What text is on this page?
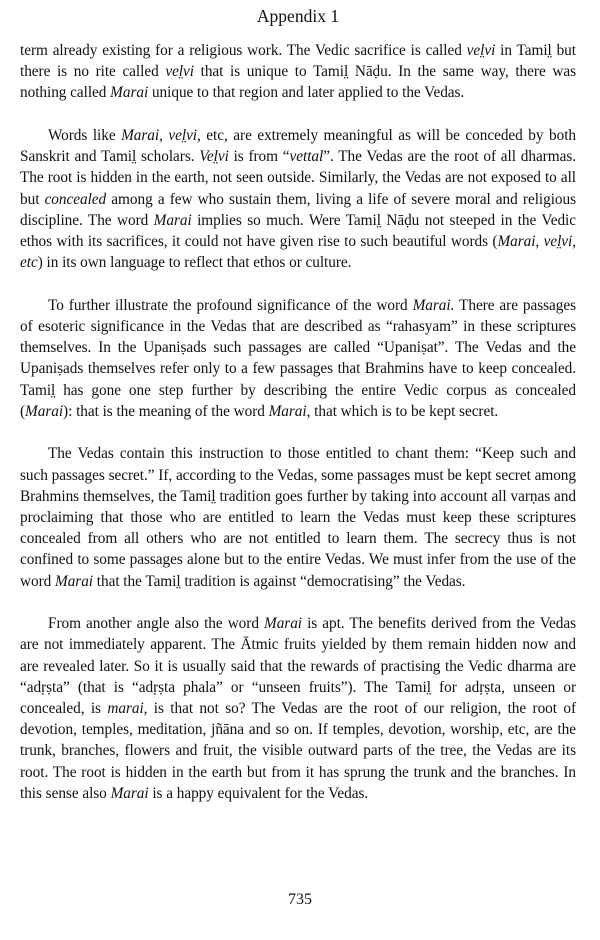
Appendix 1

term already existing for a religious work. The Vedic sacrifice is called vel̤vi in Tamil̤ but there is no rite called vel̤vi that is unique to Tamil̤ Nāḍu. In the same way, there was nothing called Marai unique to that region and later applied to the Vedas.

Words like Marai, vel̤vi, etc, are extremely meaningful as will be conceded by both Sanskrit and Tamil̤ scholars. Vel̤vi is from “vettal”. The Vedas are the root of all dharmas. The root is hidden in the earth, not seen outside. Similarly, the Vedas are not exposed to all but concealed among a few who sustain them, living a life of severe moral and religious discipline. The word Marai implies so much. Were Tamil̤ Nāḍu not steeped in the Vedic ethos with its sacrifices, it could not have given rise to such beautiful words (Marai, vel̤vi, etc) in its own language to reflect that ethos or culture.

To further illustrate the profound significance of the word Marai. There are passages of esoteric significance in the Vedas that are described as “rahasyam” in these scriptures themselves. In the Upaniṣads such passages are called “Upaniṣat”. The Vedas and the Upaniṣads themselves refer only to a few passages that Brahmins have to keep concealed. Tamil̤ has gone one step further by describing the entire Vedic corpus as concealed (Marai): that is the meaning of the word Marai, that which is to be kept secret.

The Vedas contain this instruction to those entitled to chant them: “Keep such and such passages secret.” If, according to the Vedas, some passages must be kept secret among Brahmins themselves, the Tamil̤ tradition goes further by taking into account all varṇas and proclaiming that those who are entitled to learn the Vedas must keep these scriptures concealed from all others who are not entitled to learn them. The secrecy thus is not confined to some passages alone but to the entire Vedas. We must infer from the use of the word Marai that the Tamil̤ tradition is against “democratising” the Vedas.

From another angle also the word Marai is apt. The benefits derived from the Vedas are not immediately apparent. The Ātmic fruits yielded by them remain hidden now and are revealed later. So it is usually said that the rewards of practising the Vedic dharma are “adṛṣta” (that is “adṛṣta phala” or “unseen fruits”). The Tamil̤ for adṛṣta, unseen or concealed, is marai, is that not so? The Vedas are the root of our religion, the root of devotion, temples, meditation, jñāna and so on. If temples, devotion, worship, etc, are the trunk, branches, flowers and fruit, the visible outward parts of the tree, the Vedas are its root. The root is hidden in the earth but from it has sprung the trunk and the branches. In this sense also Marai is a happy equivalent for the Vedas.

735
